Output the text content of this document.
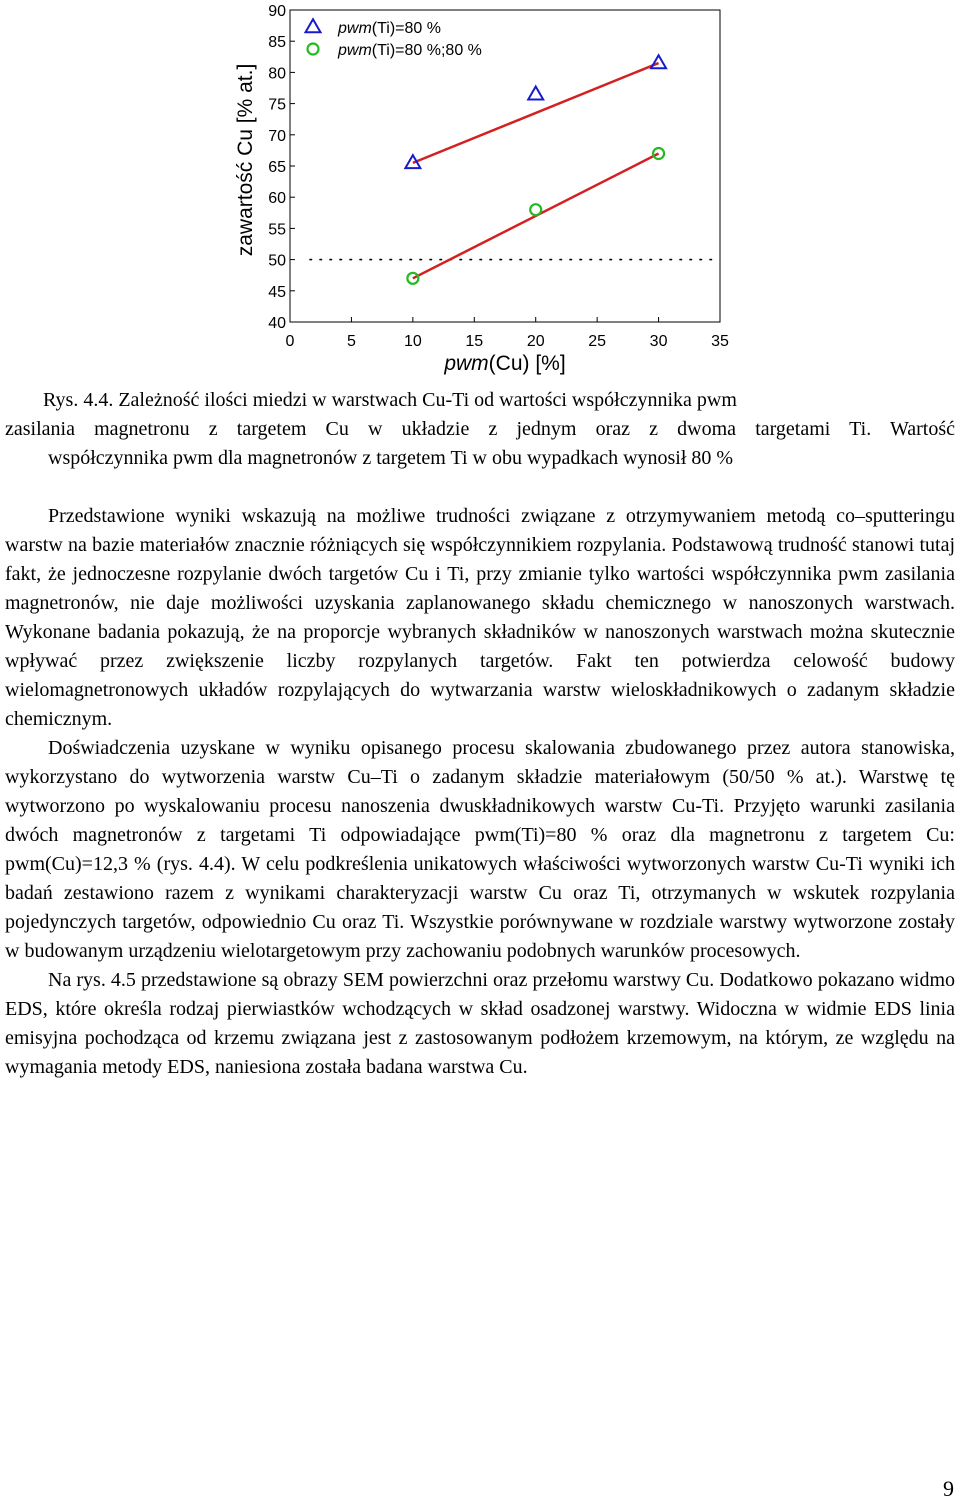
0	5	10	15	20	25	30	35
40
45
50
55
60
65
70
75
80
85
90
pwm(Ti)=80 %
pwm(Ti)=80 %;80 %
zawartość Cu [% at.]
pwm(Cu) [%]
Rys. 4.4. Zależność ilości miedzi w warstwach Cu-Ti od wartości współczynnika pwm
zasilania magnetronu z targetem Cu w układzie z jednym oraz z dwoma targetami Ti. Wartość
współczynnika pwm dla magnetronów z targetem Ti w obu wypadkach wynosił 80 %

Przedstawione wyniki wskazują na możliwe trudności związane z otrzymywaniem metodą co–sputteringu warstw na bazie materiałów znacznie różniących się współczynnikiem rozpylania. Podstawową trudność stanowi tutaj fakt, że jednoczesne rozpylanie dwóch targetów Cu i Ti, przy zmianie tylko wartości współczynnika pwm zasilania magnetronów, nie daje możliwości uzyskania zaplanowanego składu chemicznego w nanoszonych warstwach. Wykonane badania pokazują, że na proporcje wybranych składników w nanoszonych warstwach można skutecznie wpływać przez zwiększenie liczby rozpylanych targetów. Fakt ten potwierdza celowość budowy wielomagnetronowych układów rozpylających do wytwarzania warstw wieloskładnikowych o zadanym składzie chemicznym.

Doświadczenia uzyskane w wyniku opisanego procesu skalowania zbudowanego przez autora stanowiska, wykorzystano do wytworzenia warstw Cu–Ti o zadanym składzie materiałowym (50/50 % at.). Warstwę tę wytworzono po wyskalowaniu procesu nanoszenia dwuskładnikowych warstw Cu-Ti. Przyjęto warunki zasilania dwóch magnetronów z targetami Ti odpowiadające pwm(Ti)=80 % oraz dla magnetronu z targetem Cu: pwm(Cu)=12,3 % (rys. 4.4). W celu podkreślenia unikatowych właściwości wytworzonych warstw Cu-Ti wyniki ich badań zestawiono razem z wynikami charakteryzacji warstw Cu oraz Ti, otrzymanych w wskutek rozpylania pojedynczych targetów, odpowiednio Cu oraz Ti. Wszystkie porównywane w rozdziale warstwy wytworzone zostały w budowanym urządzeniu wielotargetowym przy zachowaniu podobnych warunków procesowych.

Na rys. 4.5 przedstawione są obrazy SEM powierzchni oraz przełomu warstwy Cu. Dodatkowo pokazano widmo EDS, które określa rodzaj pierwiastków wchodzących w skład osadzonej warstwy. Widoczna w widmie EDS linia emisyjna pochodząca od krzemu związana jest z zastosowanym podłożem krzemowym, na którym, ze względu na wymagania metody EDS, naniesiona została badana warstwa Cu.

9
